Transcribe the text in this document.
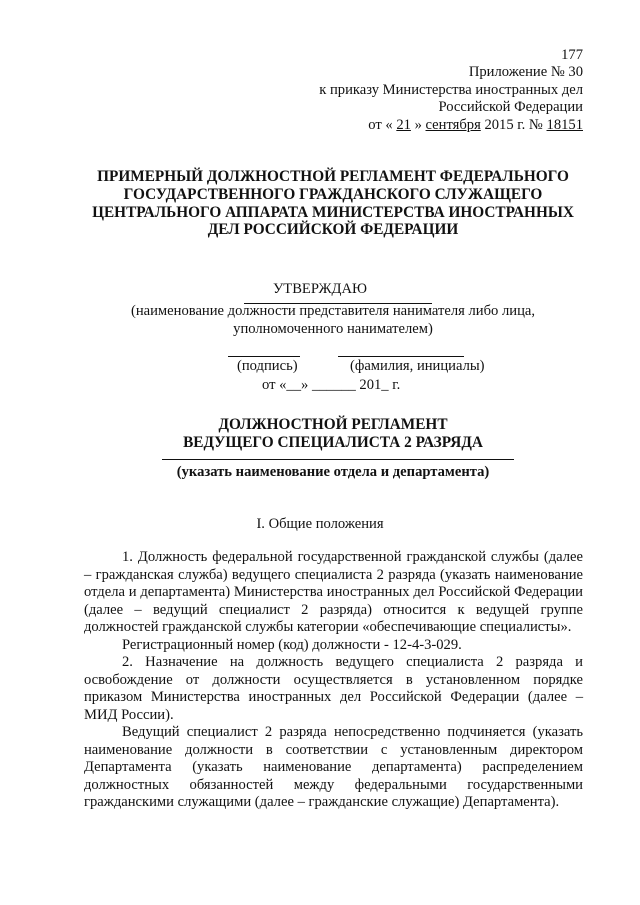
177
Приложение № 30
к приказу Министерства иностранных дел
Российской Федерации
от « 21 » сентября 2015 г. № 18151
ПРИМЕРНЫЙ ДОЛЖНОСТНОЙ РЕГЛАМЕНТ ФЕДЕРАЛЬНОГО ГОСУДАРСТВЕННОГО ГРАЖДАНСКОГО СЛУЖАЩЕГО ЦЕНТРАЛЬНОГО АППАРАТА МИНИСТЕРСТВА ИНОСТРАННЫХ ДЕЛ РОССИЙСКОЙ ФЕДЕРАЦИИ
УТВЕРЖДАЮ
(наименование должности представителя нанимателя либо лица, уполномоченного нанимателем)
(подпись)	(фамилия, инициалы)
от «__» ______ 201_ г.
ДОЛЖНОСТНОЙ РЕГЛАМЕНТ
ВЕДУЩЕГО СПЕЦИАЛИСТА 2 РАЗРЯДА
(указать наименование отдела и департамента)
I. Общие положения

1. Должность федеральной государственной гражданской службы (далее – гражданская служба) ведущего специалиста 2 разряда (указать наименование отдела и департамента) Министерства иностранных дел Российской Федерации (далее – ведущий специалист 2 разряда) относится к ведущей группе должностей гражданской службы категории «обеспечивающие специалисты».

Регистрационный номер (код) должности - 12-4-3-029.

2. Назначение на должность ведущего специалиста 2 разряда и освобождение от должности осуществляется в установленном порядке приказом Министерства иностранных дел Российской Федерации (далее – МИД России).

Ведущий специалист 2 разряда непосредственно подчиняется (указать наименование должности в соответствии с установленным директором Департамента (указать наименование департамента) распределением должностных обязанностей между федеральными государственными гражданскими служащими (далее – гражданские служащие) Департамента).
